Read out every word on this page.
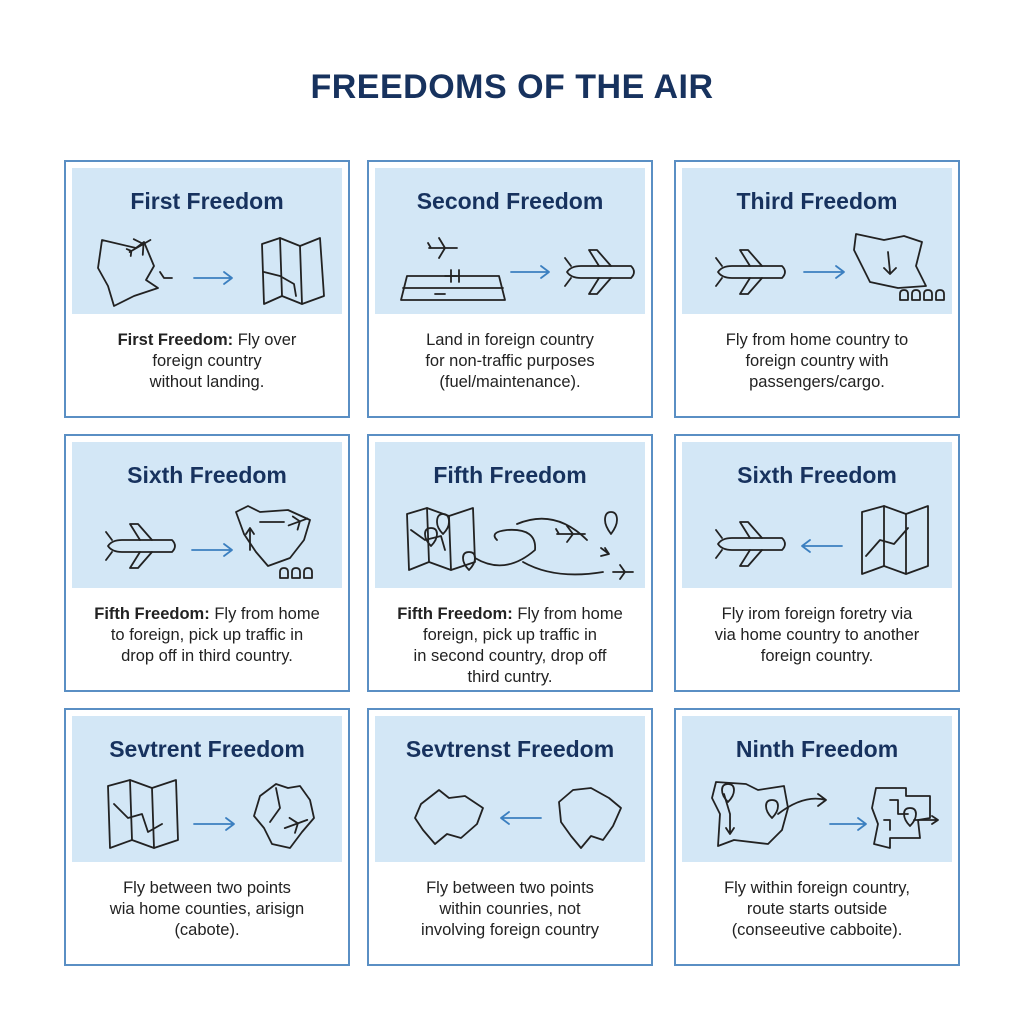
FREEDOMS OF THE AIR
First Freedom
First Freedom: Fly over
foreign country
without landing.
Second Freedom
Land in foreign country
for non-traffic purposes
(fuel/maintenance).
Third Freedom
Fly from home country to
foreign country with
passengers/cargo.
Sixth Freedom
Fifth Freedom: Fly from home
to foreign, pick up traffic in
drop off in third country.
Fifth Freedom
Fifth Freedom: Fly from home
foreign, pick up traffic in
in second country, drop off
third cuntry.
Sixth Freedom
Fly irom foreign foretry via
via home country to another
foreign country.
Sevtrent Freedom
Fly between two points
wia home counties, arisign
(cabote).
Sevtrenst Freedom
Fly between two points
within counries, not
involving foreign country
Ninth Freedom
Fly within foreign country,
route starts outside
(conseeutive cabboite).
